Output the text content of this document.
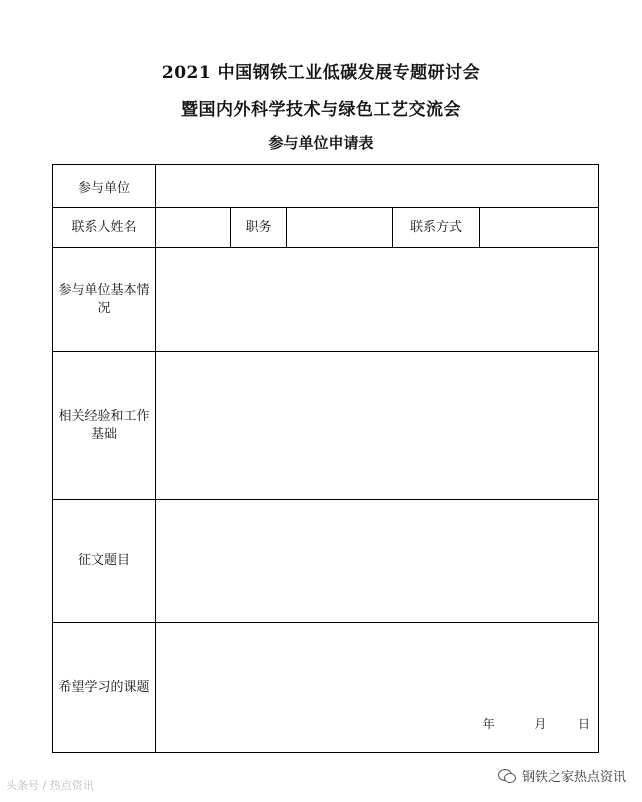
2021 中国钢铁工业低碳发展专题研讨会
暨国内外科学技术与绿色工艺交流会
参与单位申请表
参与单位					
联系人姓名		职务		联系方式	
参与单位基本情况					
相关经验和工作基础					
征文题目					
希望学习的课题	年 月 日				
头条号 / 热点资讯
钢铁之家热点资讯
